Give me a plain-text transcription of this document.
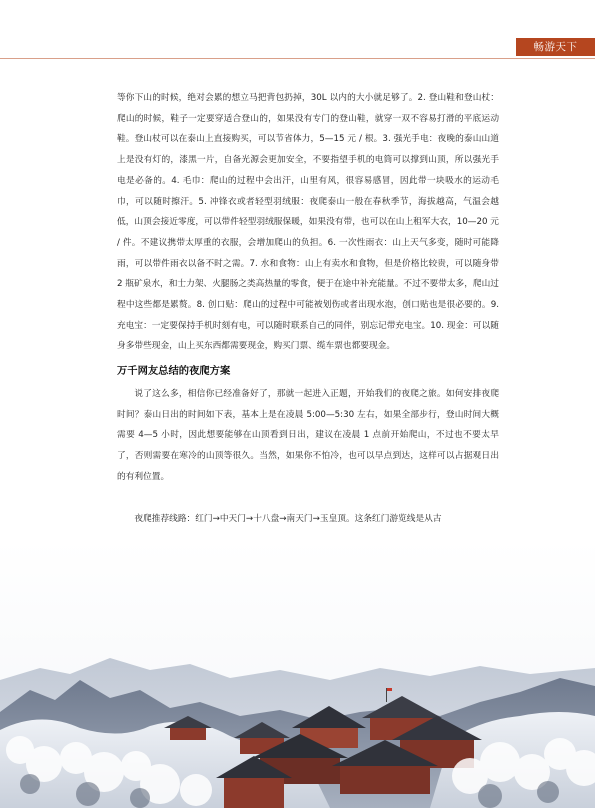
畅游天下

等你下山的时候，绝对会累的想立马把背包扔掉，30L 以内的大小就足够了。2. 登山鞋和登山杖：爬山的时候，鞋子一定要穿适合登山的，如果没有专门的登山鞋，就穿一双不容易打滑的平底运动鞋。登山杖可以在泰山上直接购买，可以节省体力，5—15 元 / 根。3. 强光手电：夜晚的泰山山道上是没有灯的，漆黑一片，自备光源会更加安全，不要指望手机的电筒可以撑到山顶，所以强光手电是必备的。4. 毛巾：爬山的过程中会出汗，山里有风，很容易感冒，因此带一块吸水的运动毛巾，可以随时擦汗。5. 冲锋衣或者轻型羽绒服：夜爬泰山一般在春秋季节，海拔越高，气温会越低，山顶会接近零度，可以带件轻型羽绒服保暖，如果没有带，也可以在山上租军大衣，10—20 元 / 件。不建议携带太厚重的衣服，会增加爬山的负担。6. 一次性雨衣：山上天气多变，随时可能降雨，可以带件雨衣以备不时之需。7. 水和食物：山上有卖水和食物，但是价格比较贵，可以随身带 2 瓶矿泉水，和士力架、火腿肠之类高热量的零食，便于在途中补充能量。不过不要带太多，爬山过程中这些都是累赘。8. 创口贴：爬山的过程中可能被划伤或者出现水泡，创口贴也是很必要的。9. 充电宝：一定要保持手机时刻有电，可以随时联系自己的同伴，别忘记带充电宝。10. 现金：可以随身多带些现金，山上买东西都需要现金，购买门票、缆车票也都要现金。

万千网友总结的夜爬方案

说了这么多，相信你已经准备好了，那就一起进入正题，开始我们的夜爬之旅。如何安排夜爬时间？泰山日出的时间如下表，基本上是在凌晨 5:00—5:30 左右，如果全部步行，登山时间大概需要 4—5 小时，因此想要能够在山顶看到日出，建议在凌晨 1 点前开始爬山，不过也不要太早了，否则需要在寒冷的山顶等很久。当然，如果你不怕冷，也可以早点到达，这样可以占据观日出的有利位置。

夜爬推荐线路：红门→中天门→十八盘→南天门→玉皇顶。这条红门游览线是从古
